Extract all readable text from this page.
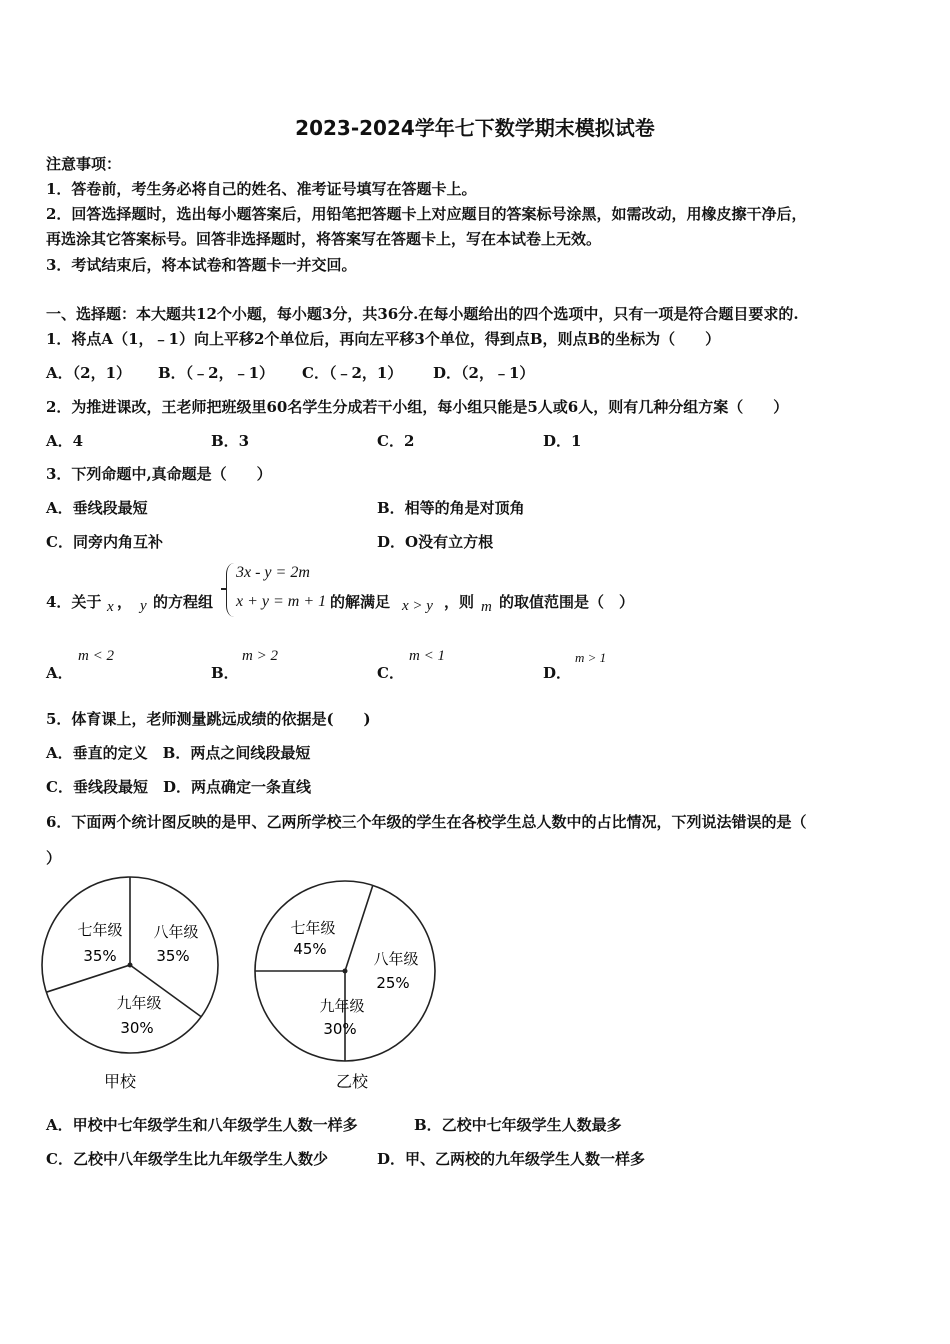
2023-2024学年七下数学期末模拟试卷
注意事项：
1．答卷前，考生务必将自己的姓名、准考证号填写在答题卡上。
2．回答选择题时，选出每小题答案后，用铅笔把答题卡上对应题目的答案标号涂黑，如需改动，用橡皮擦干净后，
再选涂其它答案标号。回答非选择题时，将答案写在答题卡上，写在本试卷上无效。
3．考试结束后，将本试卷和答题卡一并交回。
一、选择题：本大题共12个小题，每小题3分，共36分.在每小题给出的四个选项中，只有一项是符合题目要求的.
1．将点A（1，﹣1）向上平移2个单位后，再向左平移3个单位，得到点B，则点B的坐标为（　　）
A．（2，1） B．（﹣2，﹣1） C．（﹣2，1） D．（2，﹣1）
2．为推进课改，王老师把班级里60名学生分成若干小组，每小组只能是5人或6人，则有几种分组方案（　　）
A．4	B．3	C．2	D．1
3．下列命题中,真命题是（　　）
A．垂线段最短	B．相等的角是对顶角
C．同旁内角互补	D．O没有立方根
4．关于 x ， y 的方程组
3x - y = 2m
x + y = m + 1 的解满足 x > y ，则 m 的取值范围是（　）
A．
m < 2
B．
m > 2
C．
m < 1
D．
m > 1
5．体育课上，老师测量跳远成绩的依据是(　　)
A．垂直的定义　B．两点之间线段最短
C．垂线段最短　D．两点确定一条直线
6．下面两个统计图反映的是甲、乙两所学校三个年级的学生在各校学生总人数中的占比情况，下列说法错误的是（
）
七年级
35%
八年级
35%
九年级
30%
甲校
七年级
45%
八年级
25%
九年级
30%
乙校
A．甲校中七年级学生和八年级学生人数一样多	B．乙校中七年级学生人数最多
C．乙校中八年级学生比九年级学生人数少	D．甲、乙两校的九年级学生人数一样多
